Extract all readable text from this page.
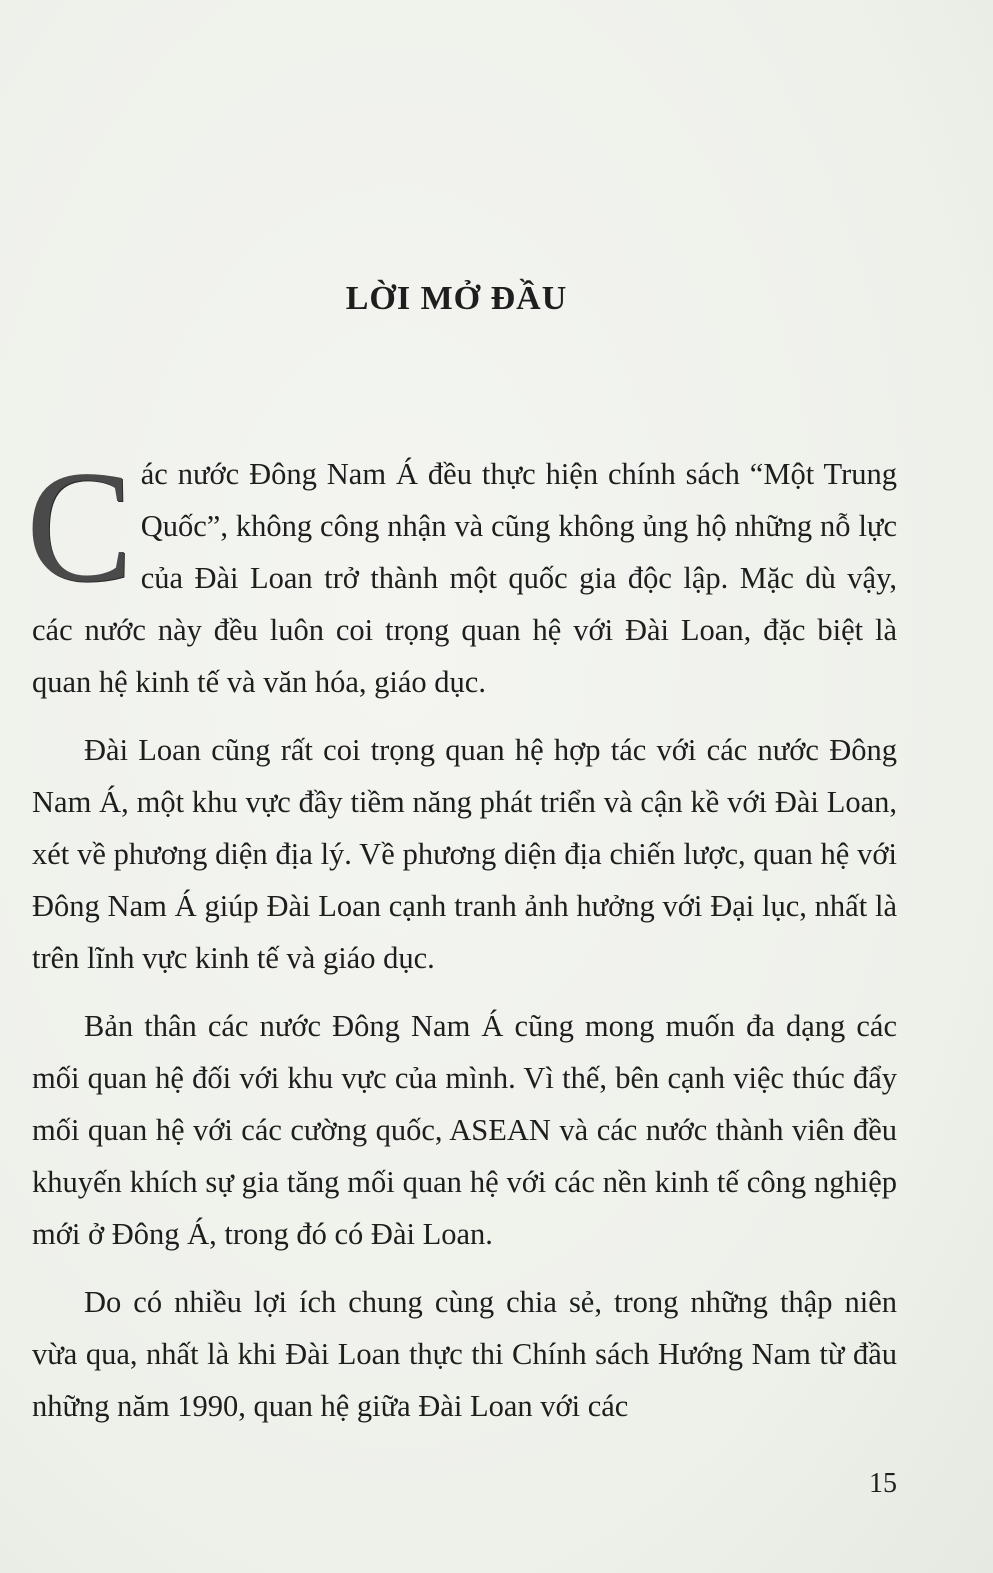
LỜI MỞ ĐẦU

Các nước Đông Nam Á đều thực hiện chính sách “Một Trung Quốc”, không công nhận và cũng không ủng hộ những nỗ lực của Đài Loan trở thành một quốc gia độc lập. Mặc dù vậy, các nước này đều luôn coi trọng quan hệ với Đài Loan, đặc biệt là quan hệ kinh tế và văn hóa, giáo dục.

Đài Loan cũng rất coi trọng quan hệ hợp tác với các nước Đông Nam Á, một khu vực đầy tiềm năng phát triển và cận kề với Đài Loan, xét về phương diện địa lý. Về phương diện địa chiến lược, quan hệ với Đông Nam Á giúp Đài Loan cạnh tranh ảnh hưởng với Đại lục, nhất là trên lĩnh vực kinh tế và giáo dục.

Bản thân các nước Đông Nam Á cũng mong muốn đa dạng các mối quan hệ đối với khu vực của mình. Vì thế, bên cạnh việc thúc đẩy mối quan hệ với các cường quốc, ASEAN và các nước thành viên đều khuyến khích sự gia tăng mối quan hệ với các nền kinh tế công nghiệp mới ở Đông Á, trong đó có Đài Loan.

Do có nhiều lợi ích chung cùng chia sẻ, trong những thập niên vừa qua, nhất là khi Đài Loan thực thi Chính sách Hướng Nam từ đầu những năm 1990, quan hệ giữa Đài Loan với các

15
